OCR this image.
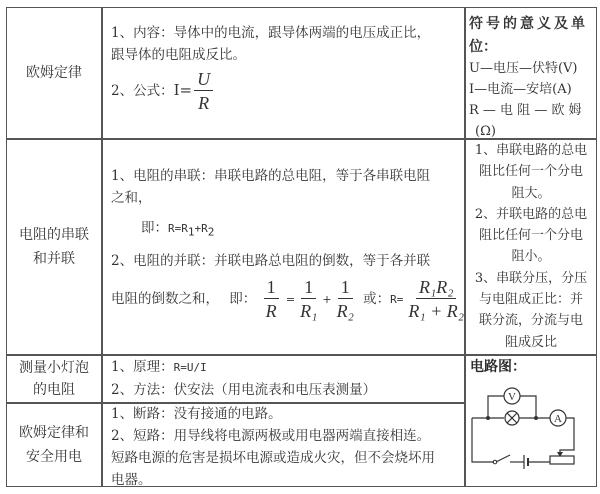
欧姆定律
1、内容：导体中的电流，跟导体两端的电压成正比，
跟导体的电阻成反比。
2、公式：$I= \frac{U}{R}$
符号的意义及单
位：
U—电压—伏特(V)
I—电流—安培(A)
R — 电 阻 — 欧 姆
(Ω)
电阻的串联
和并联
1、电阻的串联：串联电路的总电阻，等于各串联电阻
之和，
即：$R=R_1+R_2$
2、电阻的并联：并联电路总电阻的倒数，等于各并联
电阻的倒数之和， 即： $\frac{1}{R} = \frac{1}{\text{R₁}} + \frac{1}{\text{R₂}}$ 或：$R= \frac{\text{R₁R₂}}{\text{R₁ + R₂}}$
1、串联电路的总电
阻比任何一个分电
阻大。
2、并联电路的总电
阻比任何一个分电
阻小。
3、串联分压，分压
与电阻成正比：并
联分流，分流与电
阻成反比
测量小灯泡
的电阻
1、原理：R=U/I
2、方法：伏安法（用电流表和电压表测量）
欧姆定律和
安全用电
1、断路：没有接通的电路。
2、短路：用导线将电源两极或用电器两端直接相连。
短路电源的危害是损坏电源或造成火灾，但不会烧坏用
电器。
电路图：
V
A
